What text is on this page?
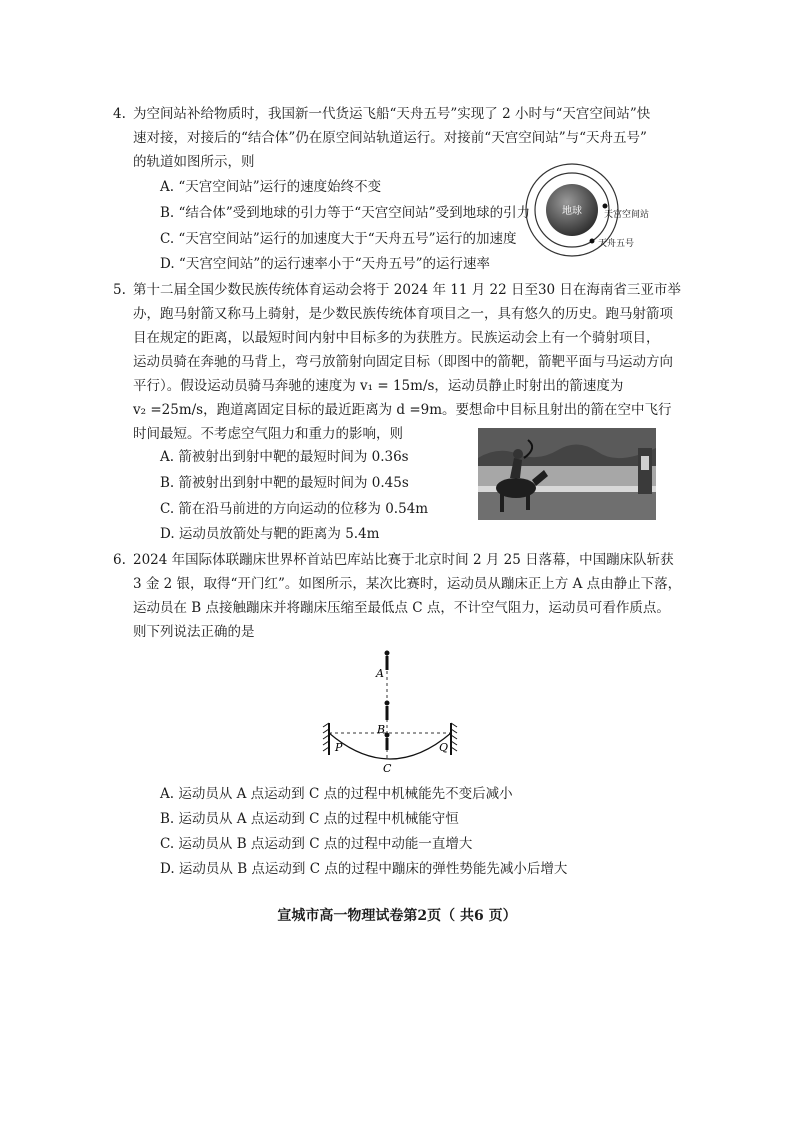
4. 为空间站补给物质时，我国新一代货运飞船“天舟五号”实现了 2 小时与“天宫空间站”快
速对接，对接后的“结合体”仍在原空间站轨道运行。对接前“天宫空间站”与“天舟五号”
的轨道如图所示，则
A. “天宫空间站”运行的速度始终不变
B. “结合体”受到地球的引力等于“天宫空间站”受到地球的引力
C. “天宫空间站”运行的加速度大于“天舟五号”运行的加速度
D. “天宫空间站”的运行速率小于“天舟五号”的运行速率
地球 天宫空间站
天舟五号
5. 第十二届全国少数民族传统体育运动会将于 2024 年 11 月 22 日至30 日在海南省三亚市举
办，跑马射箭又称马上骑射，是少数民族传统体育项目之一，具有悠久的历史。跑马射箭项
目在规定的距离，以最短时间内射中目标多的为获胜方。民族运动会上有一个骑射项目，
运动员骑在奔驰的马背上，弯弓放箭射向固定目标（即图中的箭靶，箭靶平面与马运动方向
平行）。假设运动员骑马奔驰的速度为 v₁ = 15m/s，运动员静止时射出的箭速度为
v₂ =25m/s，跑道离固定目标的最近距离为 d =9m。要想命中目标且射出的箭在空中飞行
时间最短。不考虑空气阻力和重力的影响，则
A. 箭被射出到射中靶的最短时间为 0.36s
B. 箭被射出到射中靶的最短时间为 0.45s
C. 箭在沿马前进的方向运动的位移为 0.54m
D. 运动员放箭处与靶的距离为 5.4m
6. 2024 年国际体联蹦床世界杯首站巴库站比赛于北京时间 2 月 25 日落幕，中国蹦床队斩获
3 金 2 银，取得“开门红”。如图所示，某次比赛时，运动员从蹦床正上方 A 点由静止下落，
运动员在 B 点接触蹦床并将蹦床压缩至最低点 C 点，不计空气阻力，运动员可看作质点。
则下列说法正确的是
A
B
C
P	Q
A. 运动员从 A 点运动到 C 点的过程中机械能先不变后减小
B. 运动员从 A 点运动到 C 点的过程中机械能守恒
C. 运动员从 B 点运动到 C 点的过程中动能一直增大
D. 运动员从 B 点运动到 C 点的过程中蹦床的弹性势能先减小后增大
宣城市高一物理试卷第2页（ 共6 页）
